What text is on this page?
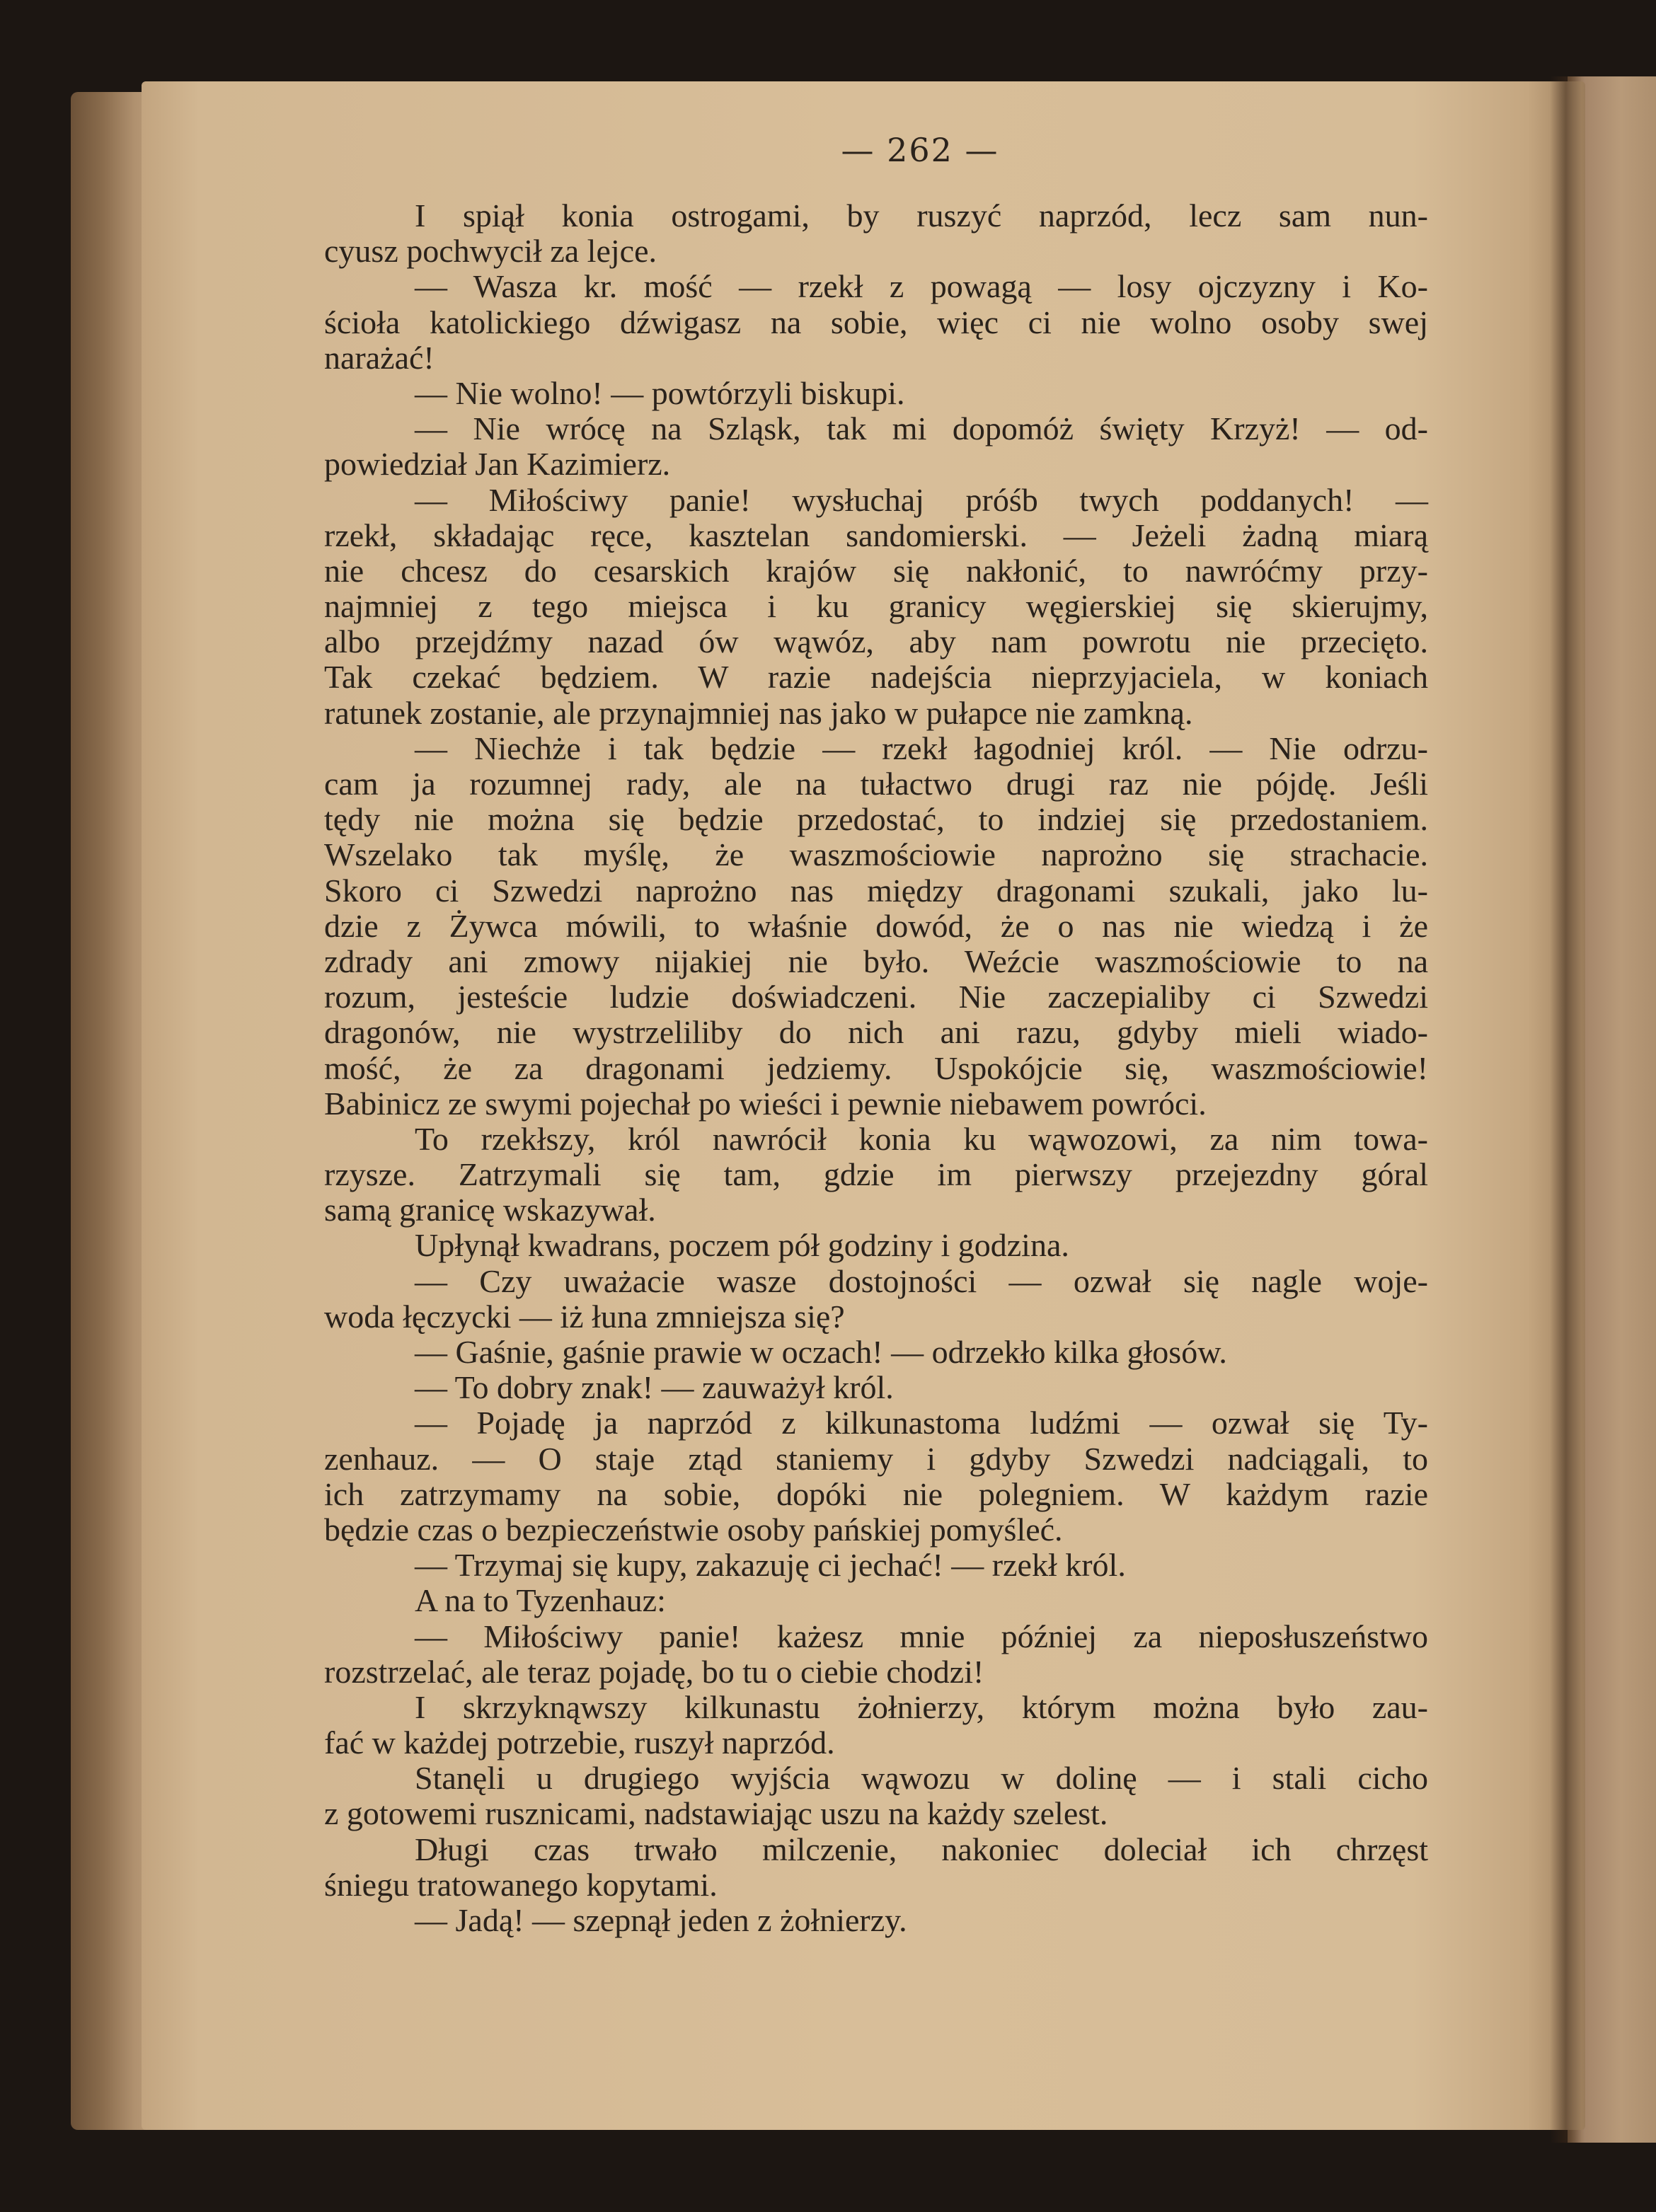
— 262 —
I spiął konia ostrogami, by ruszyć naprzód, lecz sam nun-
cyusz pochwycił za lejce.
— Wasza kr. mość — rzekł z powagą — losy ojczyzny i Ko-
ścioła katolickiego dźwigasz na sobie, więc ci nie wolno osoby swej
narażać!
— Nie wolno! — powtórzyli biskupi.
— Nie wrócę na Szląsk, tak mi dopomóż święty Krzyż! — od-
powiedział Jan Kazimierz.
— Miłościwy panie! wysłuchaj próśb twych poddanych! —
rzekł, składając ręce, kasztelan sandomierski. — Jeżeli żadną miarą
nie chcesz do cesarskich krajów się nakłonić, to nawróćmy przy-
najmniej z tego miejsca i ku granicy węgierskiej się skierujmy,
albo przejdźmy nazad ów wąwóz, aby nam powrotu nie przecięto.
Tak czekać będziem. W razie nadejścia nieprzyjaciela, w koniach
ratunek zostanie, ale przynajmniej nas jako w pułapce nie zamkną.
— Niechże i tak będzie — rzekł łagodniej król. — Nie odrzu-
cam ja rozumnej rady, ale na tułactwo drugi raz nie pójdę. Jeśli
tędy nie można się będzie przedostać, to indziej się przedostaniem.
Wszelako tak myślę, że waszmościowie naprożno się strachacie.
Skoro ci Szwedzi naprożno nas między dragonami szukali, jako lu-
dzie z Żywca mówili, to właśnie dowód, że o nas nie wiedzą i że
zdrady ani zmowy nijakiej nie było. Weźcie waszmościowie to na
rozum, jesteście ludzie doświadczeni. Nie zaczepialiby ci Szwedzi
dragonów, nie wystrzeliliby do nich ani razu, gdyby mieli wiado-
mość, że za dragonami jedziemy. Uspokójcie się, waszmościowie!
Babinicz ze swymi pojechał po wieści i pewnie niebawem powróci.
To rzekłszy, król nawrócił konia ku wąwozowi, za nim towa-
rzysze. Zatrzymali się tam, gdzie im pierwszy przejezdny góral
samą granicę wskazywał.
Upłynął kwadrans, poczem pół godziny i godzina.
— Czy uważacie wasze dostojności — ozwał się nagle woje-
woda łęczycki — iż łuna zmniejsza się?
— Gaśnie, gaśnie prawie w oczach! — odrzekło kilka głosów.
— To dobry znak! — zauważył król.
— Pojadę ja naprzód z kilkunastoma ludźmi — ozwał się Ty-
zenhauz. — O staje ztąd staniemy i gdyby Szwedzi nadciągali, to
ich zatrzymamy na sobie, dopóki nie polegniem. W każdym razie
będzie czas o bezpieczeństwie osoby pańskiej pomyśleć.
— Trzymaj się kupy, zakazuję ci jechać! — rzekł król.
A na to Tyzenhauz:
— Miłościwy panie! każesz mnie później za nieposłuszeństwo
rozstrzelać, ale teraz pojadę, bo tu o ciebie chodzi!
I skrzyknąwszy kilkunastu żołnierzy, którym można było zau-
fać w każdej potrzebie, ruszył naprzód.
Stanęli u drugiego wyjścia wąwozu w dolinę — i stali cicho
z gotowemi rusznicami, nadstawiając uszu na każdy szelest.
Długi czas trwało milczenie, nakoniec doleciał ich chrzęst
śniegu tratowanego kopytami.
— Jadą! — szepnął jeden z żołnierzy.
